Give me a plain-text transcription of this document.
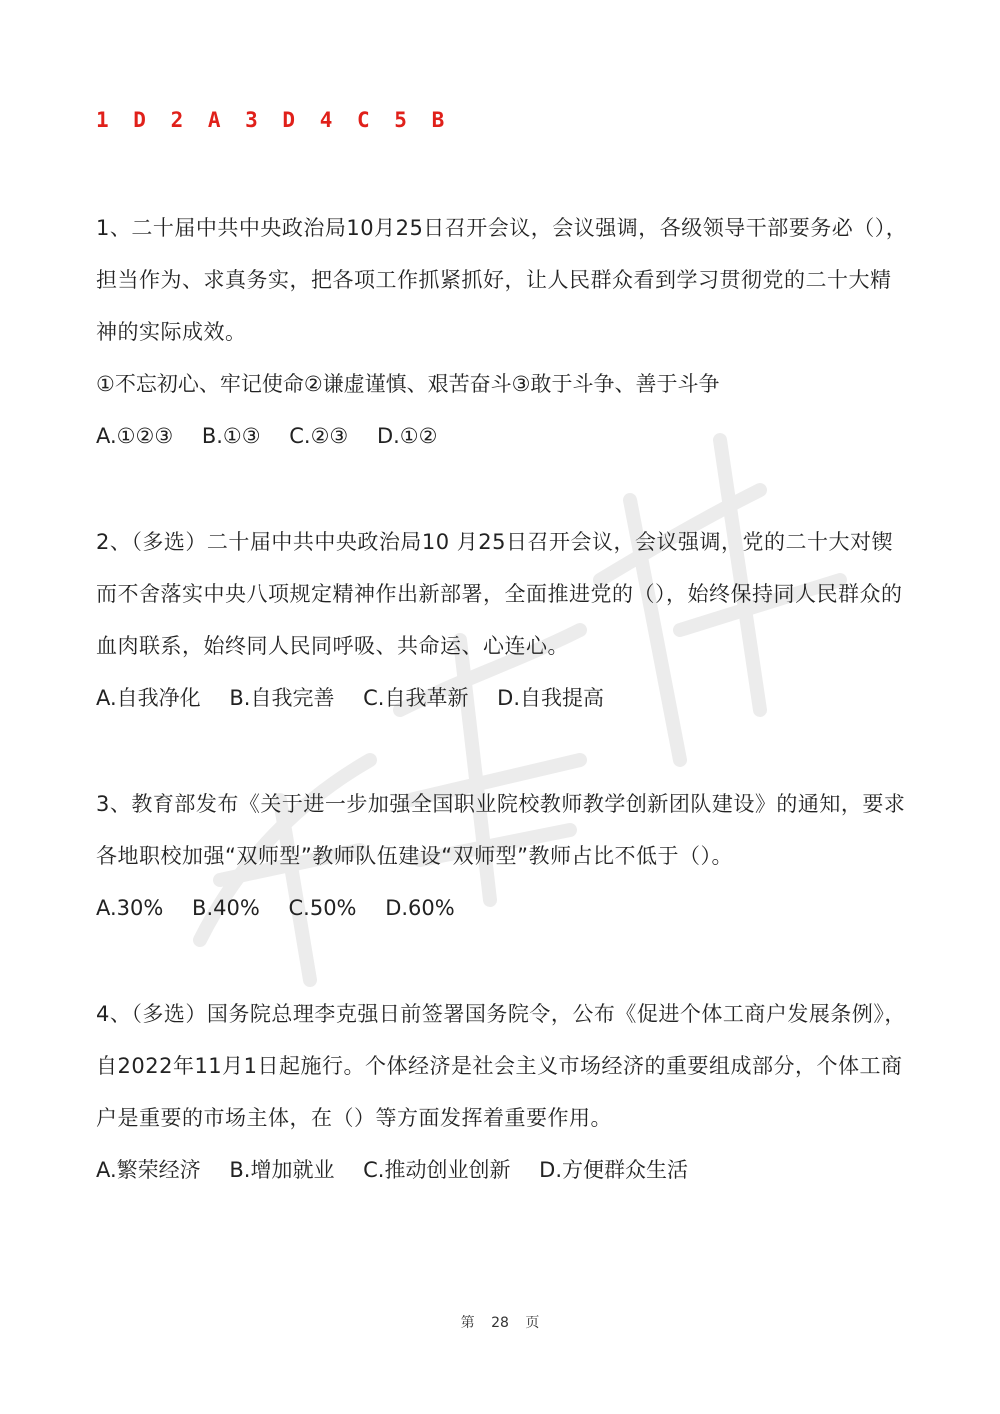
1 D 2 A 3 D 4 C 5 B

1、二十届中共中央政治局10月25日召开会议，会议强调，各级领导干部要务必（），担当作为、求真务实，把各项工作抓紧抓好，让人民群众看到学习贯彻党的二十大精神的实际成效。

①不忘初心、牢记使命②谦虚谨慎、艰苦奋斗③敢于斗争、善于斗争

A.①②③ B.①③ C.②③ D.①②

2、（多选）二十届中共中央政治局10 月25日召开会议，会议强调，党的二十大对锲而不舍落实中央八项规定精神作出新部署，全面推进党的（），始终保持同人民群众的血肉联系，始终同人民同呼吸、共命运、心连心。

A.自我净化 B.自我完善 C.自我革新 D.自我提高

3、教育部发布《关于进一步加强全国职业院校教师教学创新团队建设》的通知，要求各地职校加强“双师型”教师队伍建设“双师型”教师占比不低于（）。

A.30% B.40% C.50% D.60%

4、（多选）国务院总理李克强日前签署国务院令，公布《促进个体工商户发展条例》，自2022年11月1日起施行。个体经济是社会主义市场经济的重要组成部分，个体工商户是重要的市场主体，在（）等方面发挥着重要作用。

A.繁荣经济 B.增加就业 C.推动创业创新 D.方便群众生活
第 28 页
